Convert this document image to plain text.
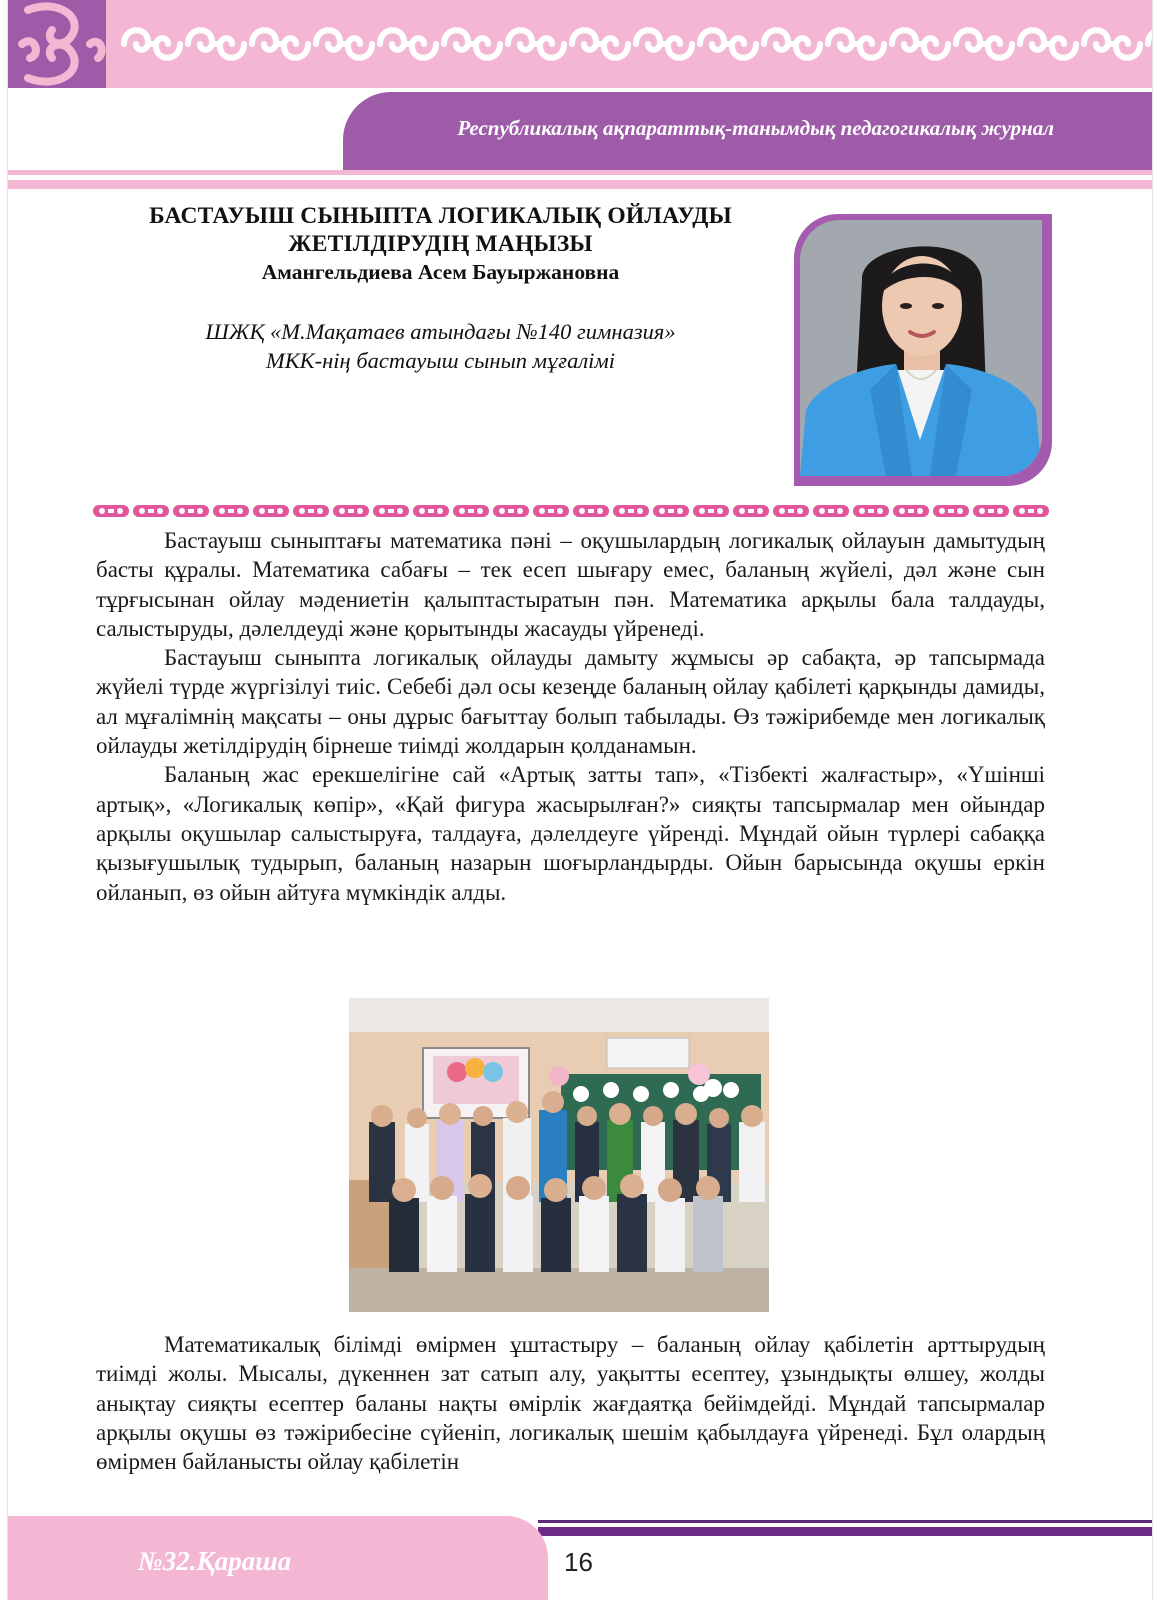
Республикалық ақпараттық-танымдық педагогикалық журнал
БАСТАУЫШ СЫНЫПТА ЛОГИКАЛЫҚ ОЙЛАУДЫ
ЖЕТІЛДІРУДІҢ МАҢЫЗЫ
Амангельдиева Асем Бауыржановна
ШЖҚ «М.Мақатаев атындағы №140 гимназия»
МКК-нің бастауыш сынып мұғалімі

Бастауыш сыныптағы математика пәні – оқушылардың логикалық ойлауын дамытудың басты құралы. Математика сабағы – тек есеп шығару емес, баланың жүйелі, дәл және сын тұрғысынан ойлау мәдениетін қалыптастыратын пән. Математика арқылы бала талдауды, салыстыруды, дәлелдеуді және қорытынды жасауды үйренеді.

Бастауыш сыныпта логикалық ойлауды дамыту жұмысы әр сабақта, әр тапсырмада жүйелі түрде жүргізілуі тиіс. Себебі дәл осы кезеңде баланың ойлау қабілеті қарқынды дамиды, ал мұғалімнің мақсаты – оны дұрыс бағыттау болып табылады. Өз тәжірибемде мен логикалық ойлауды жетілдірудің бірнеше тиімді жолдарын қолданамын.

Баланың жас ерекшелігіне сай «Артық затты тап», «Тізбекті жалғастыр», «Үшінші артық», «Логикалық көпір», «Қай фигура жасырылған?» сияқты тапсырмалар мен ойындар арқылы оқушылар салыстыруға, талдауға, дәлелдеуге үйренді. Мұндай ойын түрлері сабаққа қызығушылық тудырып, баланың назарын шоғырландырды. Ойын барысында оқушы еркін ойланып, өз ойын айтуға мүмкіндік алды.

Математикалық білімді өмірмен ұштастыру – баланың ойлау қабілетін арттырудың тиімді жолы. Мысалы, дүкеннен зат сатып алу, уақытты есептеу, ұзындықты өлшеу, жолды анықтау сияқты есептер баланы нақты өмірлік жағдаятқа бейімдейді. Мұндай тапсырмалар арқылы оқушы өз тәжірибесіне сүйеніп, логикалық шешім қабылдауға үйренеді. Бұл олардың өмірмен байланысты ойлау қабілетін

№32.Қараша	16
